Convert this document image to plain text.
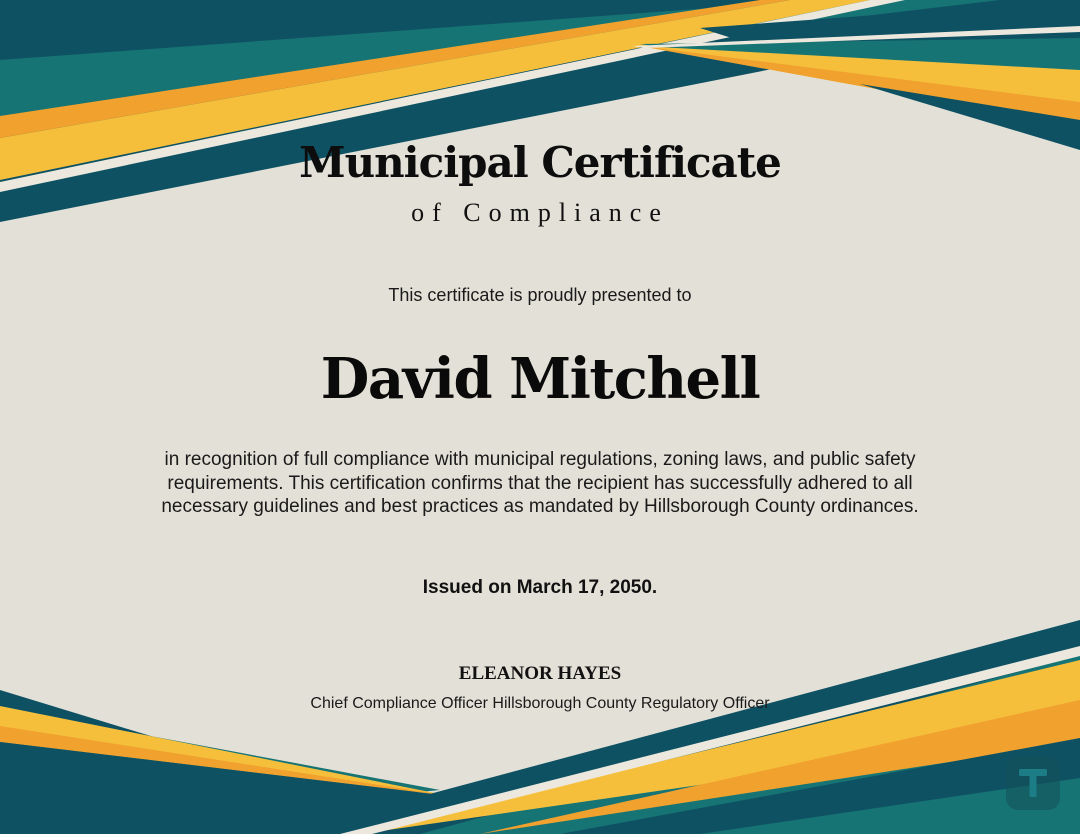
Municipal Certificate
of Compliance
This certificate is proudly presented to
David Mitchell
in recognition of full compliance with municipal regulations, zoning laws, and public safety requirements. This certification confirms that the recipient has successfully adhered to all necessary guidelines and best practices as mandated by Hillsborough County ordinances.
Issued on March 17, 2050.
ELEANOR HAYES
Chief Compliance Officer Hillsborough County Regulatory Officer
